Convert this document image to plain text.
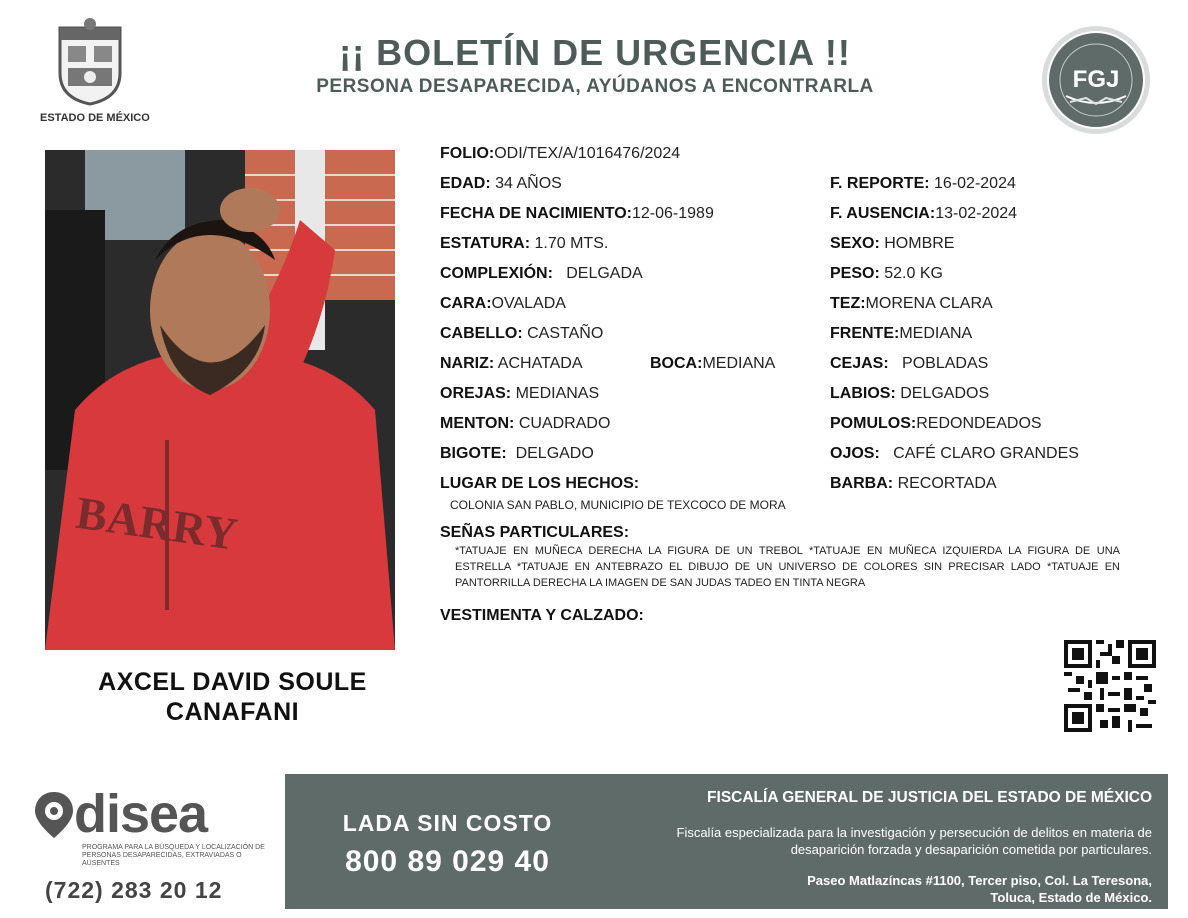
ESTADO DE MÉXICO
¡¡ BOLETÍN DE URGENCIA !!
PERSONA DESAPARECIDA, AYÚDANOS A ENCONTRARLA	FGJ
BARRY
AXCEL DAVID SOULE
CANAFANI
FOLIO:ODI/TEX/A/1016476/2024
EDAD: 34 AÑOS
FECHA DE NACIMIENTO:12-06-1989
ESTATURA: 1.70 MTS.
COMPLEXIÓN: DELGADA
CARA:OVALADA
CABELLO: CASTAÑO
NARIZ: ACHATADA	BOCA:MEDIANA
OREJAS: MEDIANAS
MENTON: CUADRADO
BIGOTE: DELGADO
LUGAR DE LOS HECHOS:
COLONIA SAN PABLO, MUNICIPIO DE TEXCOCO DE MORA
F. REPORTE: 16-02-2024
F. AUSENCIA:13-02-2024
SEXO: HOMBRE
PESO: 52.0 KG
TEZ:MORENA CLARA
FRENTE:MEDIANA
CEJAS: POBLADAS
LABIOS: DELGADOS
POMULOS:REDONDEADOS
OJOS: CAFÉ CLARO GRANDES
BARBA: RECORTADA
SEÑAS PARTICULARES:
*TATUAJE EN MUÑECA DERECHA LA FIGURA DE UN TREBOL *TATUAJE EN MUÑECA IZQUIERDA LA FIGURA DE UNA ESTRELLA *TATUAJE EN ANTEBRAZO EL DIBUJO DE UN UNIVERSO DE COLORES SIN PRECISAR LADO *TATUAJE EN PANTORRILLA DERECHA LA IMAGEN DE SAN JUDAS TADEO EN TINTA NEGRA
VESTIMENTA Y CALZADO:
disea
PROGRAMA PARA LA BÚSQUEDA Y LOCALIZACIÓN DE PERSONAS DESAPARECIDAS, EXTRAVIADAS O AUSENTES
(722) 283 20 12
LADA SIN COSTO
800 89 029 40
FISCALÍA GENERAL DE JUSTICIA DEL ESTADO DE MÉXICO
Fiscalía especializada para la investigación y persecución de delitos en materia de desaparición forzada y desaparición cometida por particulares.
Paseo Matlazíncas #1100, Tercer piso, Col. La Teresona,
Toluca, Estado de México.
